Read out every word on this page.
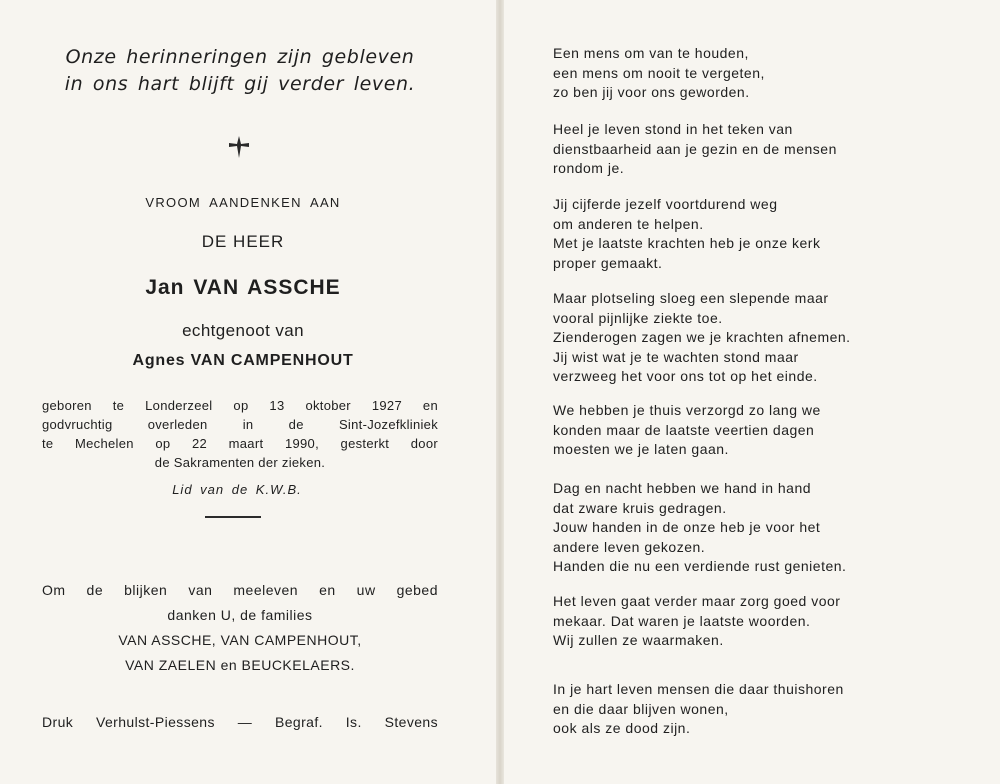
Onze herinneringen zijn gebleven
in ons hart blijft gij verder leven.
VROOM AANDENKEN AAN
DE HEER
Jan VAN ASSCHE
echtgenoot van
Agnes VAN CAMPENHOUT
geboren te Londerzeel op 13 oktober 1927 en
godvruchtig overleden in de Sint-Jozefkliniek
te Mechelen op 22 maart 1990, gesterkt door
de Sakramenten der zieken.
Lid van de K.W.B.
Om de blijken van meeleven en uw gebed
danken U, de families
VAN ASSCHE, VAN CAMPENHOUT,
VAN ZAELEN en BEUCKELAERS.
Druk Verhulst-Piessens — Begraf. Is. Stevens
Een mens om van te houden,
een mens om nooit te vergeten,
zo ben jij voor ons geworden.
Heel je leven stond in het teken van
dienstbaarheid aan je gezin en de mensen
rondom je.
Jij cijferde jezelf voortdurend weg
om anderen te helpen.
Met je laatste krachten heb je onze kerk
proper gemaakt.
Maar plotseling sloeg een slepende maar
vooral pijnlijke ziekte toe.
Zienderogen zagen we je krachten afnemen.
Jij wist wat je te wachten stond maar
verzweeg het voor ons tot op het einde.
We hebben je thuis verzorgd zo lang we
konden maar de laatste veertien dagen
moesten we je laten gaan.
Dag en nacht hebben we hand in hand
dat zware kruis gedragen.
Jouw handen in de onze heb je voor het
andere leven gekozen.
Handen die nu een verdiende rust genieten.
Het leven gaat verder maar zorg goed voor
mekaar. Dat waren je laatste woorden.
Wij zullen ze waarmaken.
In je hart leven mensen die daar thuishoren
en die daar blijven wonen,
ook als ze dood zijn.
